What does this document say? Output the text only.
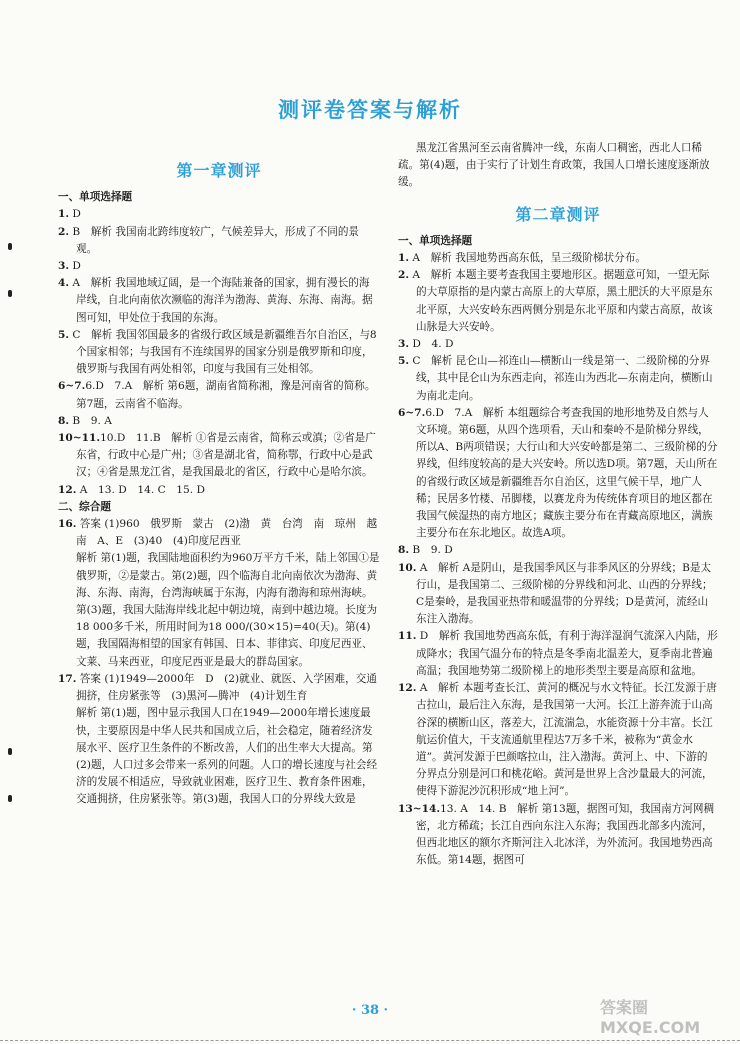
测评卷答案与解析
第一章测评
一、单项选择题
1. D
2. B　解析 我国南北跨纬度较广，气候差异大，形成了不同的景观。
3. D
4. A　解析 我国地域辽阔，是一个海陆兼备的国家，拥有漫长的海岸线，自北向南依次濒临的海洋为渤海、黄海、东海、南海。据图可知，甲处位于我国的东海。
5. C　解析 我国邻国最多的省级行政区域是新疆维吾尔自治区，与8个国家相邻；与我国有不连续国界的国家分别是俄罗斯和印度，俄罗斯与我国有两处相邻，印度与我国有三处相邻。
6~7.6.D　7.A　解析 第6题，湖南省简称湘，豫是河南省的简称。第7题，云南省不临海。
8. B　9. A
10~11.10.D　11.B　解析 ①省是云南省，简称云或滇；②省是广东省，行政中心是广州；③省是湖北省，简称鄂，行政中心是武汉；④省是黑龙江省，是我国最北的省区，行政中心是哈尔滨。
12. A　13. D　14. C　15. D
二、综合题
16. 答案 (1)960　俄罗斯　蒙古　(2)渤　黄　台湾　南　琼州　越南　A、E　(3)40　(4)印度尼西亚
解析 第(1)题，我国陆地面积约为960万平方千米，陆上邻国①是俄罗斯，②是蒙古。第(2)题，四个临海自北向南依次为渤海、黄海、东海、南海，台湾海峡属于东海，内海有渤海和琼州海峡。第(3)题，我国大陆海岸线北起中朝边境，南到中越边境。长度为18 000多千米，所用时间为18 000/(30×15)=40(天)。第(4)题，我国隔海相望的国家有韩国、日本、菲律宾、印度尼西亚、文莱、马来西亚，印度尼西亚是最大的群岛国家。
17. 答案 (1)1949—2000年　D　(2)就业、就医、入学困难，交通拥挤，住房紧张等　(3)黑河—腾冲　(4)计划生育
解析 第(1)题，图中显示我国人口在1949—2000年增长速度最快，主要原因是中华人民共和国成立后，社会稳定，随着经济发展水平、医疗卫生条件的不断改善，人们的出生率大大提高。第(2)题，人口过多会带来一系列的问题。人口的增长速度与社会经济的发展不相适应，导致就业困难，医疗卫生、教育条件困难，交通拥挤，住房紧张等。第(3)题，我国人口的分界线大致是
黑龙江省黑河至云南省腾冲一线，东南人口稠密，西北人口稀疏。第(4)题，由于实行了计划生育政策，我国人口增长速度逐渐放缓。
第二章测评
一、单项选择题
1. A　解析 我国地势西高东低，呈三级阶梯状分布。
2. A　解析 本题主要考查我国主要地形区。据题意可知，一望无际的大草原指的是内蒙古高原上的大草原，黑土肥沃的大平原是东北平原，大兴安岭东西两侧分别是东北平原和内蒙古高原，故该山脉是大兴安岭。
3. D　4. D
5. C　解析 昆仑山—祁连山—横断山一线是第一、二级阶梯的分界线，其中昆仑山为东西走向，祁连山为西北—东南走向，横断山为南北走向。
6~7.6.D　7.A　解析 本组题综合考查我国的地形地势及自然与人文环境。第6题，从四个选项看，天山和秦岭不是阶梯分界线，所以A、B两项错误；大行山和大兴安岭都是第二、三级阶梯的分界线，但纬度较高的是大兴安岭。所以选D项。第7题，天山所在的省级行政区域是新疆维吾尔自治区，这里气候干旱，地广人稀；民居多竹楼、吊脚楼，以赛龙舟为传统体育项目的地区都在我国气候湿热的南方地区；藏族主要分布在青藏高原地区，满族主要分布在东北地区。故选A项。
8. B　9. D
10. A　解析 A是阴山，是我国季风区与非季风区的分界线；B是太行山，是我国第二、三级阶梯的分界线和河北、山西的分界线；C是秦岭，是我国亚热带和暖温带的分界线；D是黄河，流经山东注入渤海。
11. D　解析 我国地势西高东低，有利于海洋湿润气流深入内陆，形成降水；我国气温分布的特点是冬季南北温差大，夏季南北普遍高温；我国地势第二级阶梯上的地形类型主要是高原和盆地。
12. A　解析 本题考查长江、黄河的概况与水文特征。长江发源于唐古拉山，最后注入东海，是我国第一大河。长江上游奔流于山高谷深的横断山区，落差大，江流湍急，水能资源十分丰富。长江航运价值大，干支流通航里程达7万多千米，被称为“黄金水道”。黄河发源于巴颜喀拉山，注入渤海。黄河上、中、下游的分界点分别是河口和桃花峪。黄河是世界上含沙量最大的河流，使得下游泥沙沉积形成“地上河”。
13~14.13. A　14. B　解析 第13题，据图可知，我国南方河网稠密，北方稀疏；长江自西向东注入东海；我国西北部多内流河，但西北地区的额尔齐斯河注入北冰洋，为外流河。我国地势西高东低。第14题，据图可
· 38 ·	答案圈 MXQE.COM
